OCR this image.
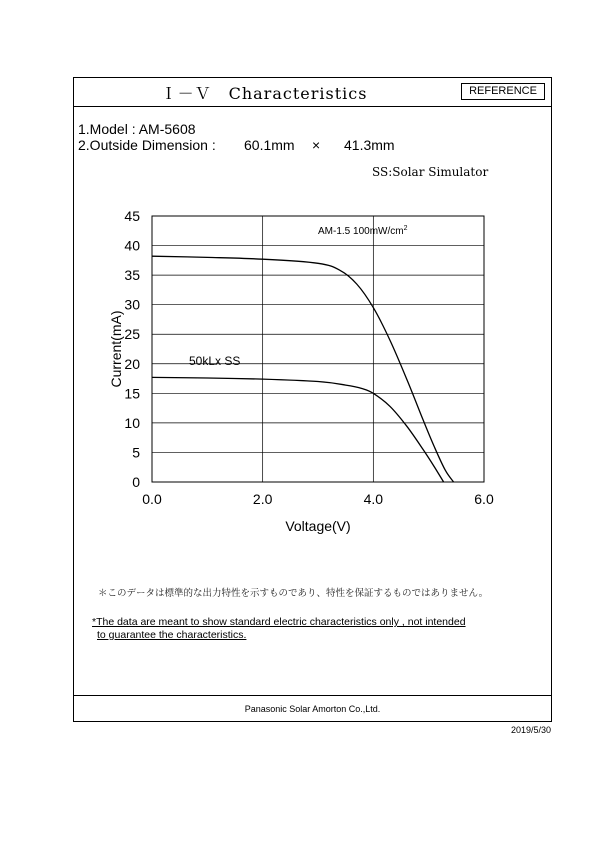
Ｉ－Ｖ　Characteristics	REFERENCE
1.Model : AM-5608
2.Outside Dimension : 60.1mm × 41.3mm
SS:Solar Simulator
＊このデータは標準的な出力特性を示すものであり、特性を保証するものではありません。
*The data are meant to show standard electric characteristics only , not intended
to guarantee the characteristics.
Panasonic Solar Amorton Co.,Ltd.
0
5
10
15
20
25
30
35
40
45
0.0	2.0	4.0	6.0
Voltage(V)
Current(mA)
AM-1.5 $100mW/cm^2$
50kLx SS
2019/5/30
